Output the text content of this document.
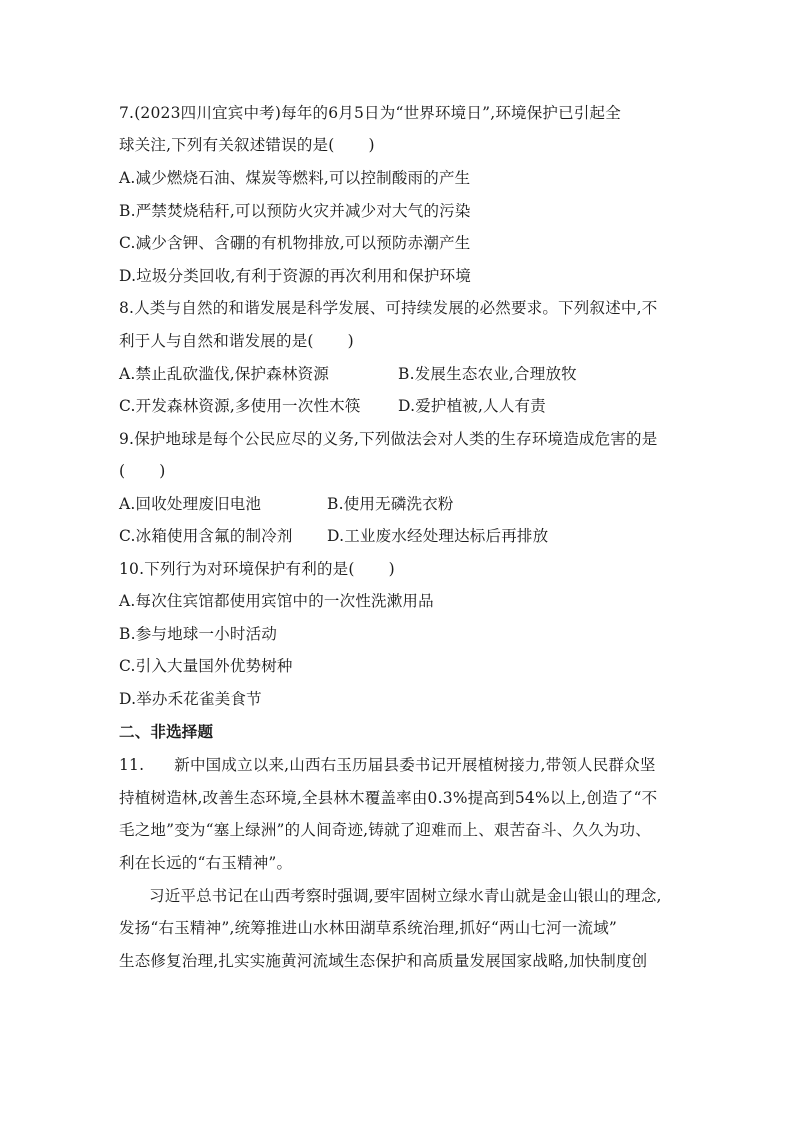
7.(2023四川宜宾中考)每年的6月5日为“世界环境日”,环境保护已引起全
球关注,下列有关叙述错误的是( )
A.减少燃烧石油、煤炭等燃料,可以控制酸雨的产生
B.严禁焚烧秸秆,可以预防火灾并减少对大气的污染
C.减少含钾、含硼的有机物排放,可以预防赤潮产生
D.垃圾分类回收,有利于资源的再次利用和保护环境
8.人类与自然的和谐发展是科学发展、可持续发展的必然要求。下列叙述中,不
利于人与自然和谐发展的是( )
A.禁止乱砍滥伐,保护森林资源	B.发展生态农业,合理放牧
C.开发森林资源,多使用一次性木筷 D.爱护植被,人人有责
9.保护地球是每个公民应尽的义务,下列做法会对人类的生存环境造成危害的是
( )
A.回收处理废旧电池	B.使用无磷洗衣粉
C.冰箱使用含氟的制冷剂 D.工业废水经处理达标后再排放
10.下列行为对环境保护有利的是( )
A.每次住宾馆都使用宾馆中的一次性洗漱用品
B.参与地球一小时活动
C.引入大量国外优势树种
D.举办禾花雀美食节
二、非选择题
11. 新中国成立以来,山西右玉历届县委书记开展植树接力,带领人民群众坚
持植树造林,改善生态环境,全县林木覆盖率由0.3%提高到54%以上,创造了“不
毛之地”变为“塞上绿洲”的人间奇迹,铸就了迎难而上、艰苦奋斗、久久为功、
利在长远的“右玉精神”。
习近平总书记在山西考察时强调,要牢固树立绿水青山就是金山银山的理念,
发扬“右玉精神”,统筹推进山水林田湖草系统治理,抓好“两山七河一流域”
生态修复治理,扎实实施黄河流域生态保护和高质量发展国家战略,加快制度创
